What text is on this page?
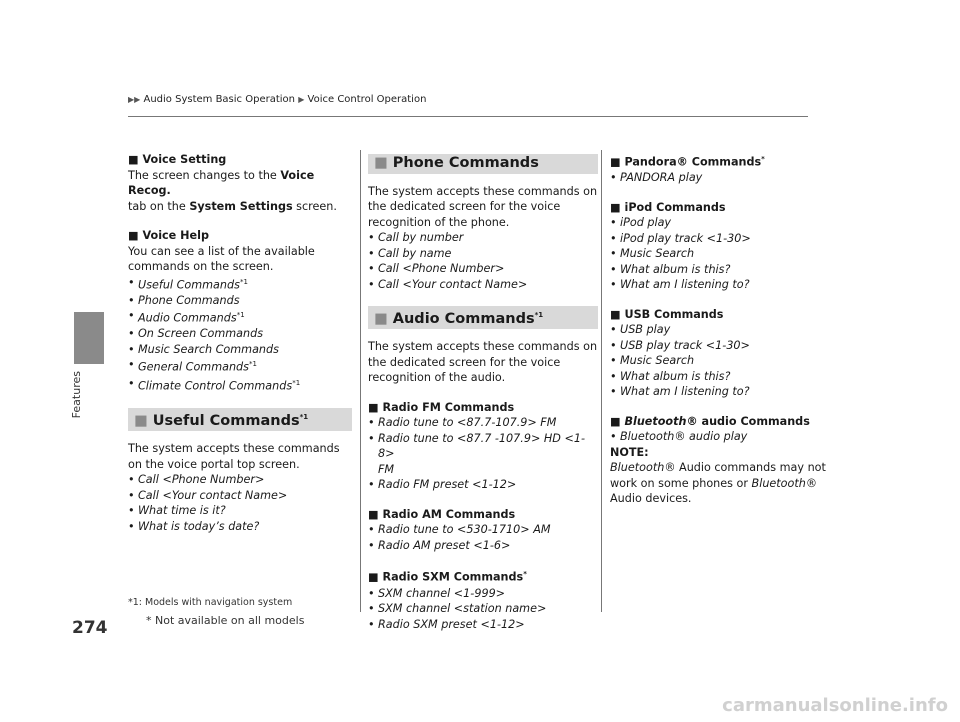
Features
▶▶ Audio System Basic Operation ▶ Voice Control Operation
■ Voice Setting
The screen changes to the Voice Recog.
tab on the System Settings screen.
■ Voice Help
You can see a list of the available commands on the screen.
• Useful Commands$^{*1}$
• Phone Commands
• Audio Commands$^{*1}$
• On Screen Commands
• Music Search Commands
• General Commands$^{*1}$
• Climate Control Commands$^{*1}$
■ Useful Commands$^{*1}$
The system accepts these commands on the voice portal top screen.
• Call <Phone Number>
• Call <Your contact Name>
• What time is it?
• What is today’s date?
*1: Models with navigation system
■ Phone Commands
The system accepts these commands on the dedicated screen for the voice recognition of the phone.
• Call by number
• Call by name
• Call <Phone Number>
• Call <Your contact Name>
■ Audio Commands$^{*1}$
The system accepts these commands on the dedicated screen for the voice recognition of the audio.
■ Radio FM Commands
• Radio tune to <87.7-107.9> FM
• Radio tune to <87.7 -107.9> HD <1-8>
FM
• Radio FM preset <1-12>
■ Radio AM Commands
• Radio tune to <530-1710> AM
• Radio AM preset <1-6>
■ Radio SXM Commands*
• SXM channel <1-999>
• SXM channel <station name>
• Radio SXM preset <1-12>
■ Pandora® Commands*
• PANDORA play
■ iPod Commands
• iPod play
• iPod play track <1-30>
• Music Search
• What album is this?
• What am I listening to?
■ USB Commands
• USB play
• USB play track <1-30>
• Music Search
• What album is this?
• What am I listening to?
■ Bluetooth® audio Commands
• Bluetooth® audio play
NOTE:
Bluetooth® Audio commands may not work on some phones or Bluetooth® Audio devices.
274	* Not available on all models
carmanualsonline.info
